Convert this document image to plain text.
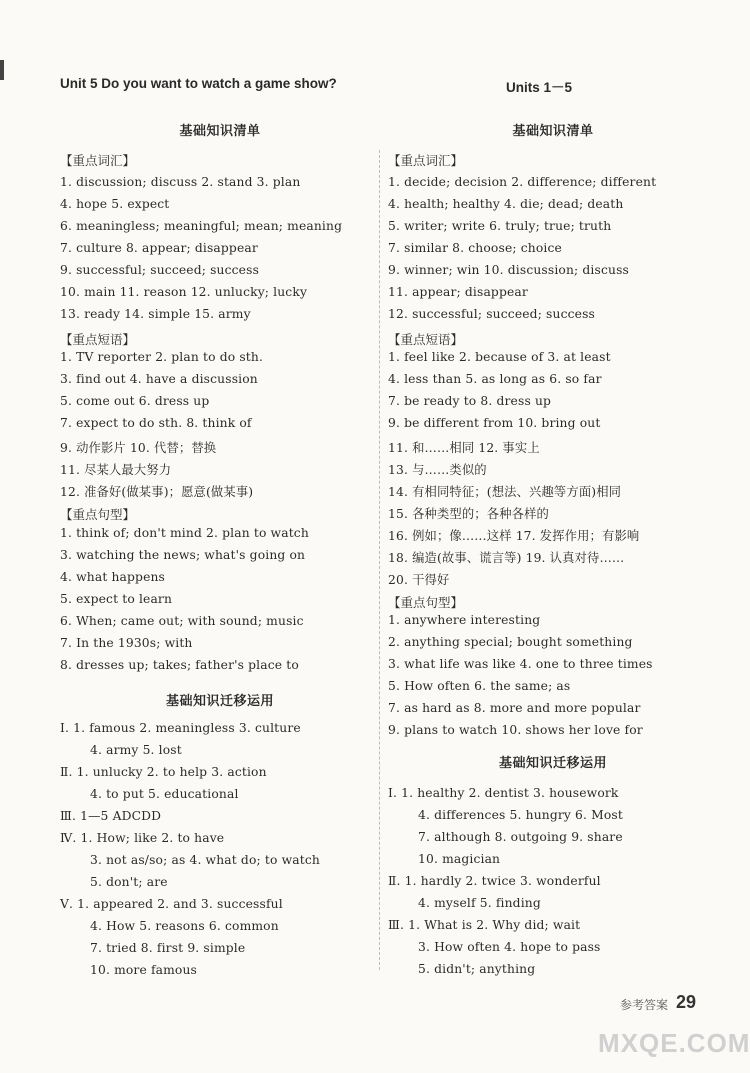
Unit 5 Do you want to watch a game show?
基础知识清单
【重点词汇】
1. discussion; discuss 2. stand 3. plan
4. hope 5. expect
6. meaningless; meaningful; mean; meaning
7. culture 8. appear; disappear
9. successful; succeed; success
10. main 11. reason 12. unlucky; lucky
13. ready 14. simple 15. army
【重点短语】
1. TV reporter 2. plan to do sth.
3. find out 4. have a discussion
5. come out 6. dress up
7. expect to do sth. 8. think of
9. 动作影片 10. 代替；替换
11. 尽某人最大努力
12. 准备好(做某事)；愿意(做某事)
【重点句型】
1. think of; don't mind 2. plan to watch
3. watching the news; what's going on
4. what happens
5. expect to learn
6. When; came out; with sound; music
7. In the 1930s; with
8. dresses up; takes; father's place to
基础知识迁移运用
Ⅰ. 1. famous 2. meaningless 3. culture
4. army 5. lost
Ⅱ. 1. unlucky 2. to help 3. action
4. to put 5. educational
Ⅲ. 1—5 ADCDD
Ⅳ. 1. How; like 2. to have
3. not as/so; as 4. what do; to watch
5. don't; are
Ⅴ. 1. appeared 2. and 3. successful
4. How 5. reasons 6. common
7. tried 8. first 9. simple
10. more famous
Units 1－5
基础知识清单
【重点词汇】
1. decide; decision 2. difference; different
4. health; healthy 4. die; dead; death
5. writer; write 6. truly; true; truth
7. similar 8. choose; choice
9. winner; win 10. discussion; discuss
11. appear; disappear
12. successful; succeed; success
【重点短语】
1. feel like 2. because of 3. at least
4. less than 5. as long as 6. so far
7. be ready to 8. dress up
9. be different from 10. bring out
11. 和……相同 12. 事实上
13. 与……类似的
14. 有相同特征；(想法、兴趣等方面)相同
15. 各种类型的；各种各样的
16. 例如；像……这样 17. 发挥作用；有影响
18. 编造(故事、谎言等) 19. 认真对待……
20. 干得好
【重点句型】
1. anywhere interesting
2. anything special; bought something
3. what life was like 4. one to three times
5. How often 6. the same; as
7. as hard as 8. more and more popular
9. plans to watch 10. shows her love for
基础知识迁移运用
Ⅰ. 1. healthy 2. dentist 3. housework
4. differences 5. hungry 6. Most
7. although 8. outgoing 9. share
10. magician
Ⅱ. 1. hardly 2. twice 3. wonderful
4. myself 5. finding
Ⅲ. 1. What is 2. Why did; wait
3. How often 4. hope to pass
5. didn't; anything
参考答案 29
MXQE.COM
